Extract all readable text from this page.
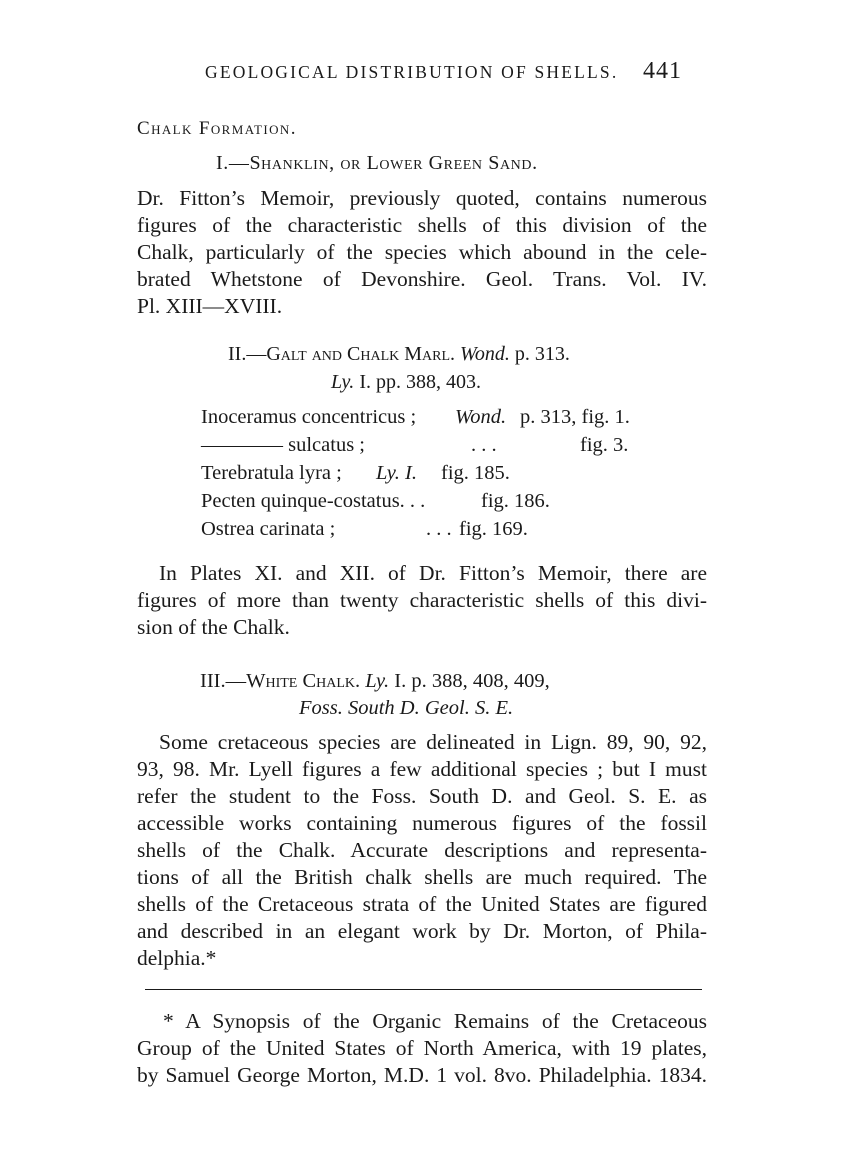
GEOLOGICAL DISTRIBUTION OF SHELLS. 441
Chalk Formation.
I.—Shanklin, or Lower Green Sand.
Dr. Fitton’s Memoir, previously quoted, contains numerous
figures of the characteristic shells of this division of the
Chalk, particularly of the species which abound in the cele-
brated Whetstone of Devonshire. Geol. Trans. Vol. IV.
Pl. XIII—XVIII.
II.—Galt and Chalk Marl. Wond. p. 313.
Ly. I. pp. 388, 403.
Inoceramus concentricus ; Wond. p. 313, fig. 1.
———— sulcatus ;	. . .	fig. 3.
Terebratula lyra ; Ly. I. fig. 185.
Pecten quinque-costatus. . .	fig. 186.
Ostrea carinata ;	. . . fig. 169.
In Plates XI. and XII. of Dr. Fitton’s Memoir, there are
figures of more than twenty characteristic shells of this divi-
sion of the Chalk.
III.—White Chalk. Ly. I. p. 388, 408, 409,
Foss. South D. Geol. S. E.
Some cretaceous species are delineated in Lign. 89, 90, 92,
93, 98. Mr. Lyell figures a few additional species ; but I must
refer the student to the Foss. South D. and Geol. S. E. as
accessible works containing numerous figures of the fossil
shells of the Chalk. Accurate descriptions and representa-
tions of all the British chalk shells are much required. The
shells of the Cretaceous strata of the United States are figured
and described in an elegant work by Dr. Morton, of Phila-
delphia.*
* A Synopsis of the Organic Remains of the Cretaceous
Group of the United States of North America, with 19 plates,
by Samuel George Morton, M.D. 1 vol. 8vo. Philadelphia. 1834.
